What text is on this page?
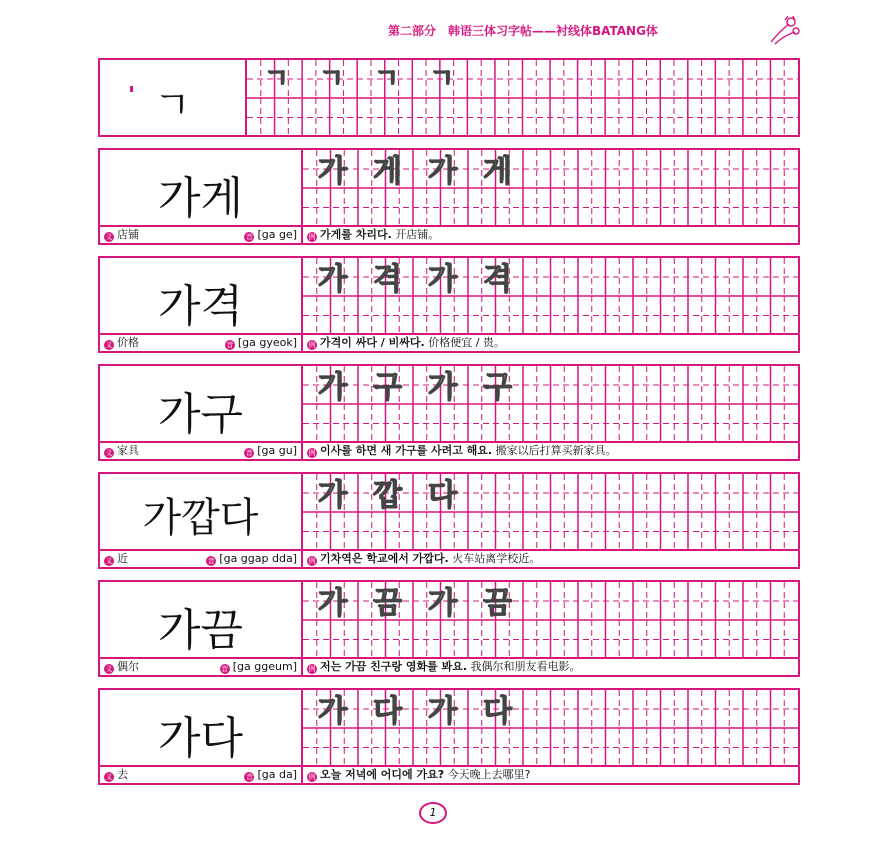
第二部分　韩语三体习字帖——衬线体BATANG体
ㄱ
ㄱ	ㄱ	ㄱ	ㄱ
가게
义 店铺	音 [ga ge]
가 게 가 게
例 가게를 차리다. 开店铺。
가격
义 价格	音 [ga gyeok]
가 격 가 격
例 가격이 싸다 / 비싸다. 价格便宜 / 贵。
가구
义 家具	音 [ga gu]
가 구 가 구
例 이사를 하면 새 가구를 사려고 해요. 搬家以后打算买新家具。
가깝다
义 近	音 [ga ggap dda]
가 깝 다
例 기차역은 학교에서 가깝다. 火车站离学校近。
가끔
义 偶尔	音 [ga ggeum]
가 끔 가 끔
例 저는 가끔 친구랑 영화를 봐요. 我偶尔和朋友看电影。
가다
义 去	音 [ga da]
가 다 가 다
例 오늘 저녁에 어디에 가요? 今天晚上去哪里?
1
